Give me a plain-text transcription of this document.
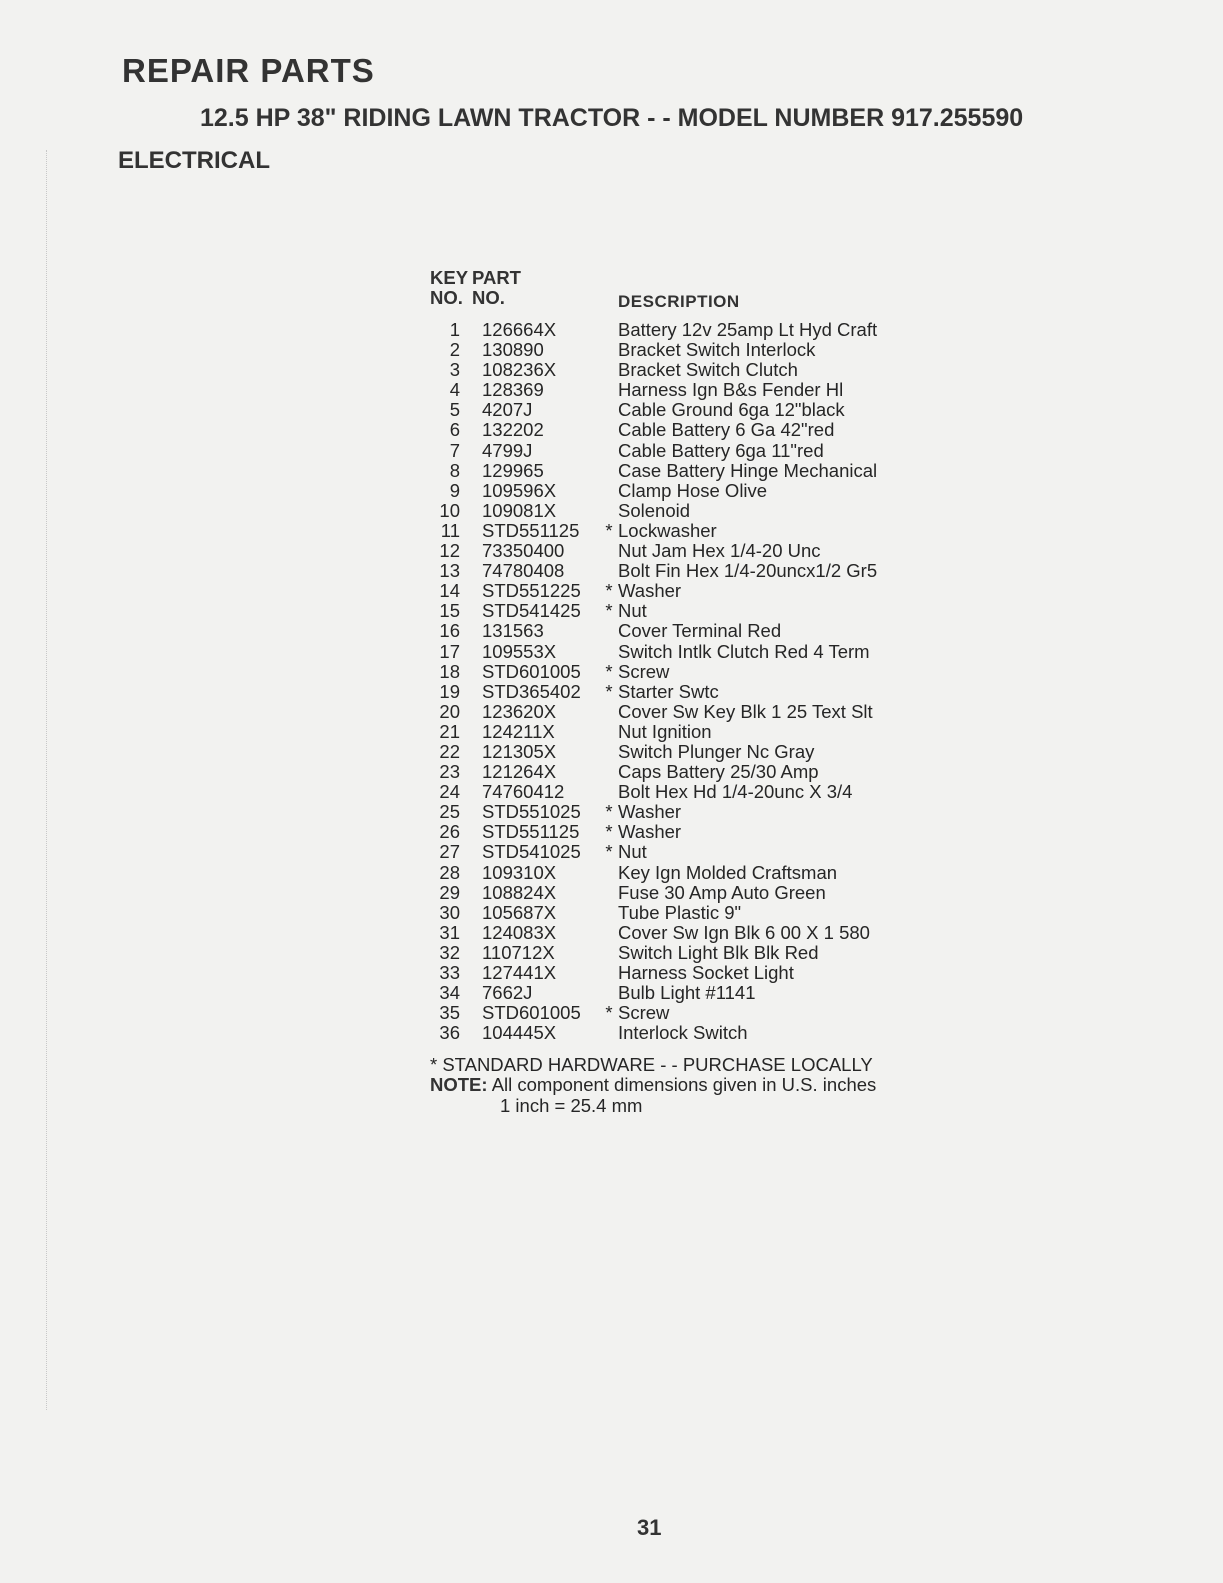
REPAIR PARTS
12.5 HP 38" RIDING LAWN TRACTOR - - MODEL NUMBER 917.255590
ELECTRICAL
KEY
NO.
PART
NO.	DESCRIPTION
1 126664X	Battery 12v 25amp Lt Hyd Craft
2 130890	Bracket Switch Interlock
3 108236X	Bracket Switch Clutch
4 128369	Harness Ign B&s Fender Hl
5 4207J	Cable Ground 6ga 12"black
6 132202	Cable Battery 6 Ga 42"red
7 4799J	Cable Battery 6ga 11"red
8 129965	Case Battery Hinge Mechanical
9 109596X	Clamp Hose Olive
10 109081X	Solenoid
11 STD551125 * Lockwasher
12 73350400	Nut Jam Hex 1/4-20 Unc
13 74780408	Bolt Fin Hex 1/4-20uncx1/2 Gr5
14 STD551225 * Washer
15 STD541425 * Nut
16 131563	Cover Terminal Red
17 109553X	Switch Intlk Clutch Red 4 Term
18 STD601005 * Screw
19 STD365402 * Starter Swtc
20 123620X	Cover Sw Key Blk 1 25 Text Slt
21 124211X	Nut Ignition
22 121305X	Switch Plunger Nc Gray
23 121264X	Caps Battery 25/30 Amp
24 74760412	Bolt Hex Hd 1/4-20unc X 3/4
25 STD551025 * Washer
26 STD551125 * Washer
27 STD541025 * Nut
28 109310X	Key Ign Molded Craftsman
29 108824X	Fuse 30 Amp Auto Green
30 105687X	Tube Plastic 9"
31 124083X	Cover Sw Ign Blk 6 00 X 1 580
32 110712X	Switch Light Blk Blk Red
33 127441X	Harness Socket Light
34 7662J	Bulb Light #1141
35 STD601005 * Screw
36 104445X	Interlock Switch
* STANDARD HARDWARE - - PURCHASE LOCALLY
NOTE: All component dimensions given in U.S. inches
1 inch = 25.4 mm
31
